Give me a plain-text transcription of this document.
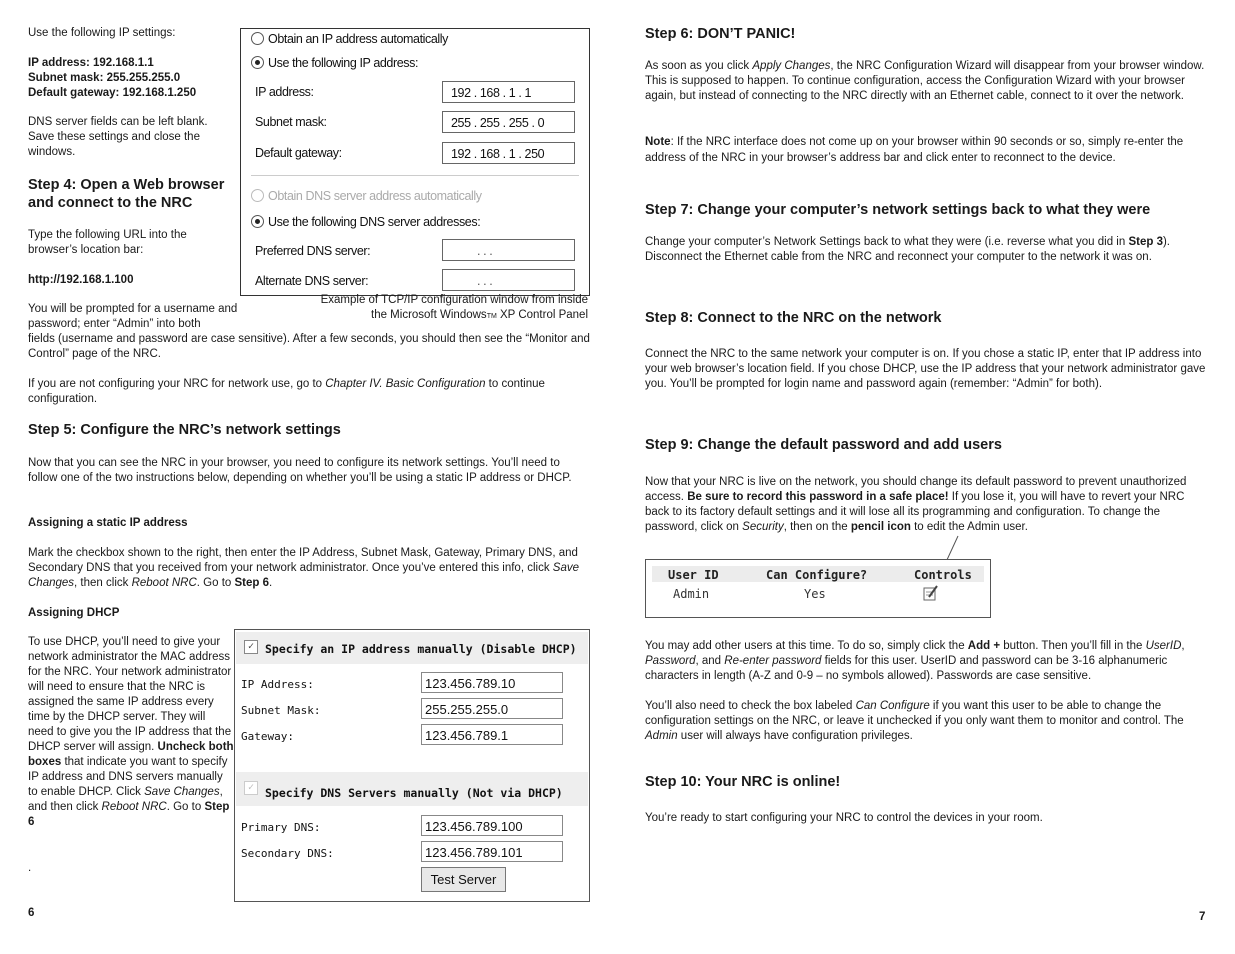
Use the following IP settings:

IP address: 192.168.1.1

Subnet mask: 255.255.255.0

Default gateway: 192.168.1.250

DNS server fields can be left blank. Save these settings and close the windows.

Step 4: Open a Web browser and connect to the NRC

Type the following URL into the browser’s location bar:

http://192.168.1.100

You will be prompted for a username and password; enter “Admin” into both

fields (username and password are case sensitive). After a few seconds, you should then see the “Monitor and Control” page of the NRC.

If you are not configuring your NRC for network use, go to Chapter IV. Basic Configuration to continue configuration.

Step 5: Configure the NRC’s network settings

Now that you can see the NRC in your browser, you need to configure its network settings. You’ll need to follow one of the two instructions below, depending on whether you’ll be using a static IP address or DHCP.

Assigning a static IP address

Mark the checkbox shown to the right, then enter the IP Address, Subnet Mask, Gateway, Primary DNS, and Secondary DNS that you received from your network administrator. Once you’ve entered this info, click Save Changes, then click Reboot NRC. Go to Step 6.

Assigning DHCP

To use DHCP, you’ll need to give your network administrator the MAC address for the NRC. Your network administrator will need to ensure that the NRC is assigned the same IP address every time by the DHCP server. They will need to give you the IP address that the DHCP server will assign. Uncheck both boxes that indicate you want to specify IP address and DNS servers manually to enable DHCP. Click Save Changes, and then click Reboot NRC. Go to Step 6

.

6

Obtain an IP address automatically
Use the following IP address:
IP address:	192 . 168 . 1 . 1
Subnet mask:	255 . 255 . 255 . 0
Default gateway:	192 . 168 . 1 . 250
Obtain DNS server address automatically
Use the following DNS server addresses:
Preferred DNS server:	. . .
Alternate DNS server:	. . .

Example of TCP/IP configuration window from inside
the Microsoft WindowsTM XP Control Panel

✓ Specify an IP address manually (Disable DHCP)
IP Address:	123.456.789.10
Subnet Mask:	255.255.255.0
Gateway:	123.456.789.1
✓ Specify DNS Servers manually (Not via DHCP)
Primary DNS:	123.456.789.100
Secondary DNS:	123.456.789.101
Test Server

Step 6: DON’T PANIC!

As soon as you click Apply Changes, the NRC Configuration Wizard will disappear from your browser window. This is supposed to happen. To continue configuration, access the Configuration Wizard with your browser again, but instead of connecting to the NRC directly with an Ethernet cable, connect to it over the network.

Note: If the NRC interface does not come up on your browser within 90 seconds or so, simply re-enter the address of the NRC in your browser’s address bar and click enter to reconnect to the device.

Step 7: Change your computer’s network settings back to what they were

Change your computer’s Network Settings back to what they were (i.e. reverse what you did in Step 3). Disconnect the Ethernet cable from the NRC and reconnect your computer to the network it was on.

Step 8: Connect to the NRC on the network

Connect the NRC to the same network your computer is on. If you chose a static IP, enter that IP address into your web browser’s location field. If you chose DHCP, use the IP address that your network administrator gave you. You’ll be prompted for login name and password again (remember: “Admin” for both).

Step 9: Change the default password and add users

Now that your NRC is live on the network, you should change its default password to prevent unauthorized access. Be sure to record this password in a safe place! If you lose it, you will have to revert your NRC back to its factory default settings and it will lose all its programming and configuration. To change the password, click on Security, then on the pencil icon to edit the Admin user.

User ID	Can Configure?	Controls
Admin	Yes

You may add other users at this time. To do so, simply click the Add + button. Then you’ll fill in the UserID, Password, and Re-enter password fields for this user. UserID and password can be 3-16 alphanumeric characters in length (A-Z and 0-9 – no symbols allowed). Passwords are case sensitive.

You’ll also need to check the box labeled Can Configure if you want this user to be able to change the configuration settings on the NRC, or leave it unchecked if you only want them to monitor and control. The Admin user will always have configuration privileges.

Step 10: Your NRC is online!

You’re ready to start configuring your NRC to control the devices in your room.

7
